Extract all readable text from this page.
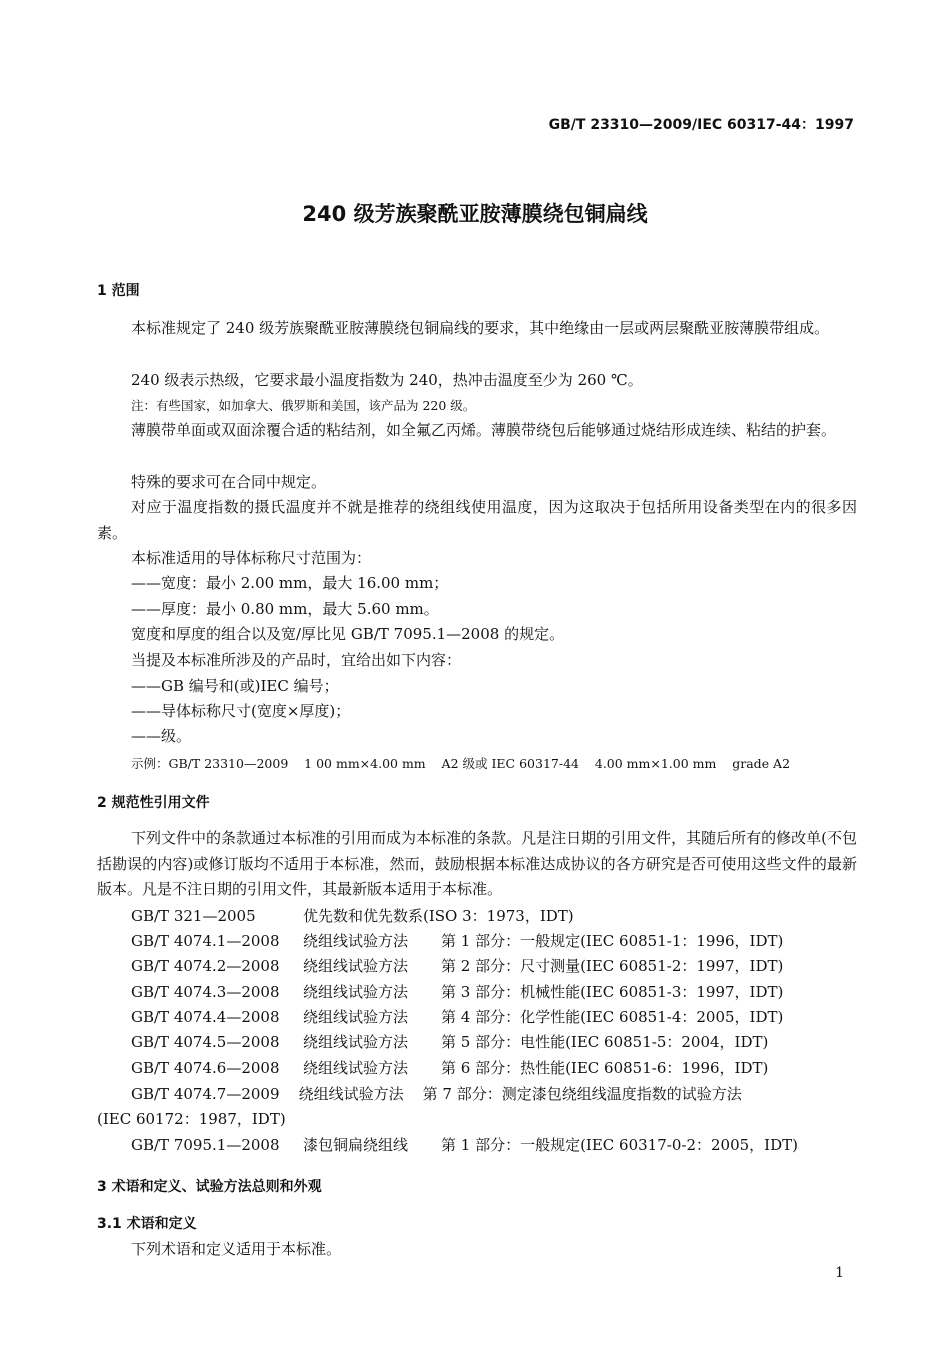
GB/T 23310—2009/IEC 60317-44：1997
240 级芳族聚酰亚胺薄膜绕包铜扁线
1 范围
本标准规定了 240 级芳族聚酰亚胺薄膜绕包铜扁线的要求，其中绝缘由一层或两层聚酰亚胺薄膜带组成。
240 级表示热级，它要求最小温度指数为 240，热冲击温度至少为 260 ℃。
注：有些国家，如加拿大、俄罗斯和美国，该产品为 220 级。
薄膜带单面或双面涂覆合适的粘结剂，如全氟乙丙烯。薄膜带绕包后能够通过烧结形成连续、粘结的护套。
特殊的要求可在合同中规定。
对应于温度指数的摄氏温度并不就是推荐的绕组线使用温度，因为这取决于包括所用设备类型在内的很多因素。
本标准适用的导体标称尺寸范围为：
——宽度：最小 2.00 mm，最大 16.00 mm；
——厚度：最小 0.80 mm，最大 5.60 mm。
宽度和厚度的组合以及宽/厚比见 GB/T 7095.1—2008 的规定。
当提及本标准所涉及的产品时，宜给出如下内容：
——GB 编号和(或)IEC 编号；
——导体标称尺寸(宽度×厚度)；
——级。
示例：GB/T 23310—2009    1 00 mm×4.00 mm    A2 级或 IEC 60317-44    4.00 mm×1.00 mm    grade A2
2 规范性引用文件
下列文件中的条款通过本标准的引用而成为本标准的条款。凡是注日期的引用文件，其随后所有的修改单(不包括勘误的内容)或修订版均不适用于本标准，然而，鼓励根据本标准达成协议的各方研究是否可使用这些文件的最新版本。凡是不注日期的引用文件，其最新版本适用于本标准。
GB/T 321—2005	优先数和优先数系(ISO 3：1973，IDT)
GB/T 4074.1—2008 绕组线试验方法 第 1 部分：一般规定(IEC 60851-1：1996，IDT)
GB/T 4074.2—2008 绕组线试验方法 第 2 部分：尺寸测量(IEC 60851-2：1997，IDT)
GB/T 4074.3—2008 绕组线试验方法 第 3 部分：机械性能(IEC 60851-3：1997，IDT)
GB/T 4074.4—2008 绕组线试验方法 第 4 部分：化学性能(IEC 60851-4：2005，IDT)
GB/T 4074.5—2008 绕组线试验方法 第 5 部分：电性能(IEC 60851-5：2004，IDT)
GB/T 4074.6—2008 绕组线试验方法 第 6 部分：热性能(IEC 60851-6：1996，IDT)
GB/T 4074.7—2009    绕组线试验方法    第 7 部分：测定漆包绕组线温度指数的试验方法
(IEC 60172：1987，IDT)
GB/T 7095.1—2008 漆包铜扁绕组线 第 1 部分：一般规定(IEC 60317-0-2：2005，IDT)
3 术语和定义、试验方法总则和外观
3.1 术语和定义
下列术语和定义适用于本标准。
1
